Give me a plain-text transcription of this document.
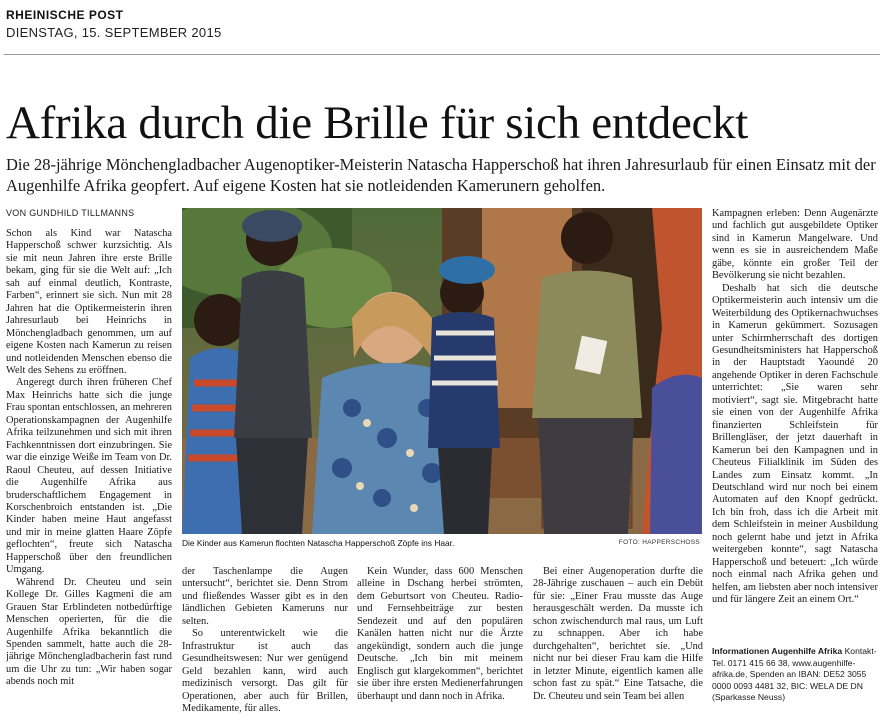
RHEINISCHE POST
DIENSTAG, 15. SEPTEMBER 2015
Afrika durch die Brille für sich entdeckt
Die 28-jährige Mönchengladbacher Augenoptiker-Meisterin Natascha Happerschoß hat ihren Jahresurlaub für einen Einsatz mit der Augenhilfe Afrika geopfert. Auf eigene Kosten hat sie notleidenden Kamerunern geholfen.
VON GUNDHILD TILLMANNS

Schon als Kind war Natascha Happerschoß schwer kurzsichtig. Als sie mit neun Jahren ihre erste Brille bekam, ging für sie die Welt auf: „Ich sah auf einmal deutlich, Kontraste, Farben“, erinnert sie sich. Nun mit 28 Jahren hat die Optikermeisterin ihren Jahresurlaub bei Heinrichs in Mönchengladbach genommen, um auf eigene Kosten nach Kamerun zu reisen und notleidenden Menschen ebenso die Welt des Sehens zu eröffnen.

Angeregt durch ihren früheren Chef Max Heinrichs hatte sich die junge Frau spontan entschlossen, an mehreren Operationskampagnen der Augenhilfe Afrika teilzunehmen und sich mit ihren Fachkenntnissen dort einzubringen. Sie war die einzige Weiße im Team von Dr. Raoul Cheuteu, auf dessen Initiative die Augenhilfe Afrika aus bruderschaftlichem Engagement in Korschenbroich entstanden ist. „Die Kinder haben meine Haut angefasst und mir in meine glatten Haare Zöpfe geflochten“, freute sich Natascha Happerschoß über den freundlichen Umgang.

Während Dr. Cheuteu und sein Kollege Dr. Gilles Kagmeni die am Grauen Star Erblindeten notbedürftige Menschen operierten, für die die Augenhilfe Afrika bekanntlich die Spenden sammelt, hatte auch die 28-jährige Mönchengladbacherin fast rund um die Uhr zu tun: „Wir haben sogar abends noch mit

Die Kinder aus Kamerun flochten Natascha Happerschoß Zöpfe ins Haar.	FOTO: HAPPERSCHOSS

der Taschenlampe die Augen untersucht“, berichtet sie. Denn Strom und fließendes Wasser gibt es in den ländlichen Gebieten Kameruns nur selten.

So unterentwickelt wie die Infrastruktur ist auch das Gesundheitswesen: Nur wer genügend Geld bezahlen kann, wird auch medizinisch versorgt. Das gilt für Operationen, aber auch für Brillen, Medikamente, für alles.

Kein Wunder, dass 600 Menschen alleine in Dschang herbei strömten, dem Geburtsort von Cheuteu. Radio- und Fernsehbeiträge zur besten Sendezeit und auf den populären Kanälen hatten nicht nur die Ärzte angekündigt, sondern auch die junge Deutsche. „Ich bin mit meinem Englisch gut klargekommen“, berichtet sie über ihre ersten Medienerfahrungen überhaupt und dann noch in Afrika.

Bei einer Augenoperation durfte die 28-Jährige zuschauen – auch ein Debüt für sie: „Einer Frau musste das Auge herausgeschält werden. Da musste ich schon zwischendurch mal raus, um Luft zu schnappen. Aber ich habe durchgehalten“, berichtet sie. „Und nicht nur bei dieser Frau kam die Hilfe in letzter Minute, eigentlich kamen alle schon fast zu spät.“ Eine Tatsache, die Dr. Cheuteu und sein Team bei allen

Kampagnen erleben: Denn Augenärzte und fachlich gut ausgebildete Optiker sind in Kamerun Mangelware. Und wenn es sie in ausreichendem Maße gäbe, könnte ein großer Teil der Bevölkerung sie nicht bezahlen.

Deshalb hat sich die deutsche Optikermeisterin auch intensiv um die Weiterbildung des Optikernachwuchses in Kamerun gekümmert. Sozusagen unter Schirmherrschaft des dortigen Gesundheitsministers hat Happerschoß in der Hauptstadt Yaoundé 20 angehende Optiker in deren Fachschule unterrichtet: „Sie waren sehr motiviert“, sagt sie. Mitgebracht hatte sie einen von der Augenhilfe Afrika finanzierten Schleifstein für Brillengläser, der jetzt dauerhaft in Kamerun bei den Kampagnen und in Cheuteus Filialklinik im Süden des Landes zum Einsatz kommt. „In Deutschland wird nur noch bei einem Automaten auf den Knopf gedrückt. Ich bin froh, dass ich die Arbeit mit dem Schleifstein in meiner Ausbildung noch gelernt habe und jetzt in Afrika weitergeben konnte“, sagt Natascha Happerschoß und beteuert: „Ich würde noch einmal nach Afrika gehen und helfen, am liebsten aber noch intensiver und für längere Zeit an einem Ort.“

Informationen Augenhilfe Afrika Kontakt-Tel. 0171 415 66 38, www.augenhilfe-afrika.de, Spenden an IBAN: DE52 3055 0000 0093 4481 32, BIC: WELA DE DN (Sparkasse Neuss)
